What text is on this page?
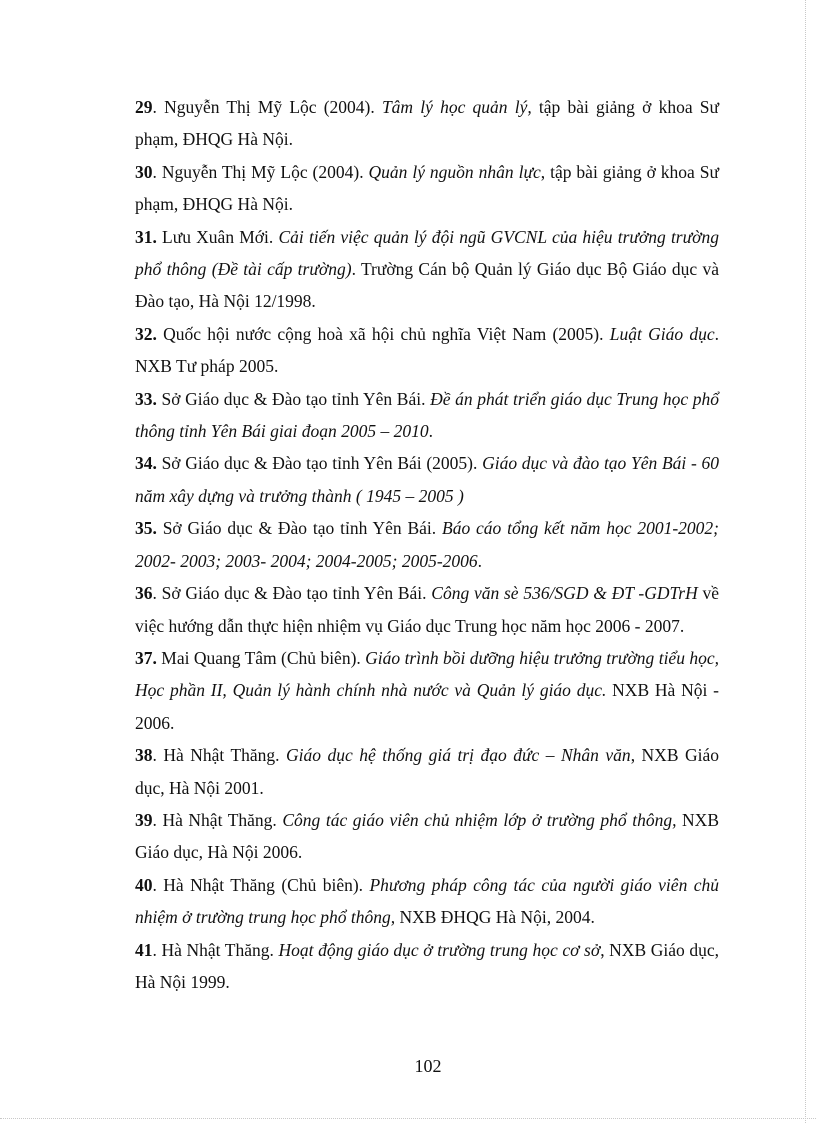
29. Nguyễn Thị Mỹ Lộc (2004). Tâm lý học quản lý, tập bài giảng ở khoa Sư phạm, ĐHQG Hà Nội.

30. Nguyễn Thị Mỹ Lộc (2004). Quản lý nguồn nhân lực, tập bài giảng ở khoa Sư phạm, ĐHQG Hà Nội.

31. Lưu Xuân Mới. Cải tiến việc quản lý đội ngũ GVCNL của hiệu trưởng trường phổ thông (Đề tài cấp trường). Trường Cán bộ Quản lý Giáo dục Bộ Giáo dục và Đào tạo, Hà Nội 12/1998.

32. Quốc hội nước cộng hoà xã hội chủ nghĩa Việt Nam (2005). Luật Giáo dục. NXB Tư pháp 2005.

33. Sở Giáo dục & Đào tạo tỉnh Yên Bái. Đề án phát triển giáo dục Trung học phổ thông tỉnh Yên Bái giai đoạn 2005 – 2010.

34. Sở Giáo dục & Đào tạo tỉnh Yên Bái (2005). Giáo dục và đào tạo Yên Bái - 60 năm xây dựng và trưởng thành ( 1945 – 2005 )

35. Sở Giáo dục & Đào tạo tỉnh Yên Bái. Báo cáo tổng kết năm học 2001-2002; 2002- 2003; 2003- 2004; 2004-2005; 2005-2006.

36. Sở Giáo dục & Đào tạo tỉnh Yên Bái. Công văn sè 536/SGD & ĐT -GDTrH về việc hướng dẫn thực hiện nhiệm vụ Giáo dục Trung học năm học 2006 - 2007.

37. Mai Quang Tâm (Chủ biên). Giáo trình bồi dưỡng hiệu trưởng trường tiểu học, Học phần II, Quản lý hành chính nhà nước và Quản lý giáo dục. NXB Hà Nội - 2006.

38. Hà Nhật Thăng. Giáo dục hệ thống giá trị đạo đức – Nhân văn, NXB Giáo dục, Hà Nội 2001.

39. Hà Nhật Thăng. Công tác giáo viên chủ nhiệm lớp ở trường phổ thông, NXB Giáo dục, Hà Nội 2006.

40. Hà Nhật Thăng (Chủ biên). Phương pháp công tác của người giáo viên chủ nhiệm ở trường trung học phổ thông, NXB ĐHQG Hà Nội, 2004.

41. Hà Nhật Thăng. Hoạt động giáo dục ở trường trung học cơ sở, NXB Giáo dục, Hà Nội 1999.

102
